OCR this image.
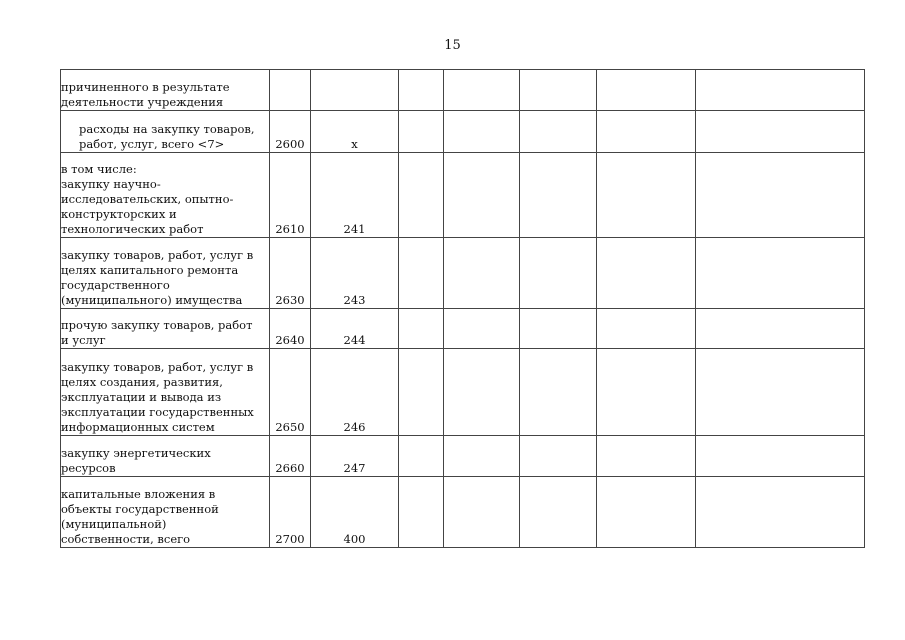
15
причиненного в результате
деятельности учреждения							

расходы на закупку товаров,
работ, услуг, всего <7>	2600	х					

в том числе:
закупку научно-
исследовательских, опытно-
конструкторских и
технологических работ	2610	241					

закупку товаров, работ, услуг в
целях капитального ремонта
государственного
(муниципального) имущества	2630	243					

прочую закупку товаров, работ
и услуг	2640	244					

закупку товаров, работ, услуг в
целях создания, развития,
эксплуатации и вывода из
эксплуатации государственных
информационных систем	2650	246					

закупку энергетических
ресурсов	2660	247					

капитальные вложения в
объекты государственной
(муниципальной)
собственности, всего	2700	400					
